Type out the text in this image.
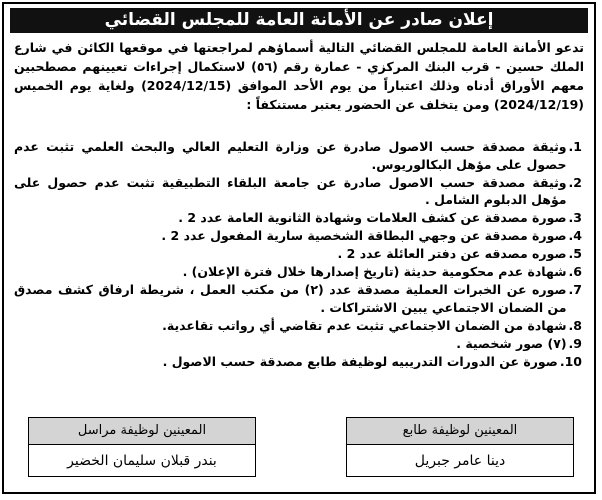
إعلان صادر عن الأمانة العامة للمجلس القضائي
تدعو الأمانة العامة للمجلس القضائي التالية أسماؤهم لمراجعتها في موقعها الكائن في شارع الملك حسين - قرب البنك المركزي - عمارة رقم (٥٦) لاستكمال إجراءات تعيينهم مصطحبين معهم الأوراق أدناه وذلك اعتباراً من يوم الأحد الموافق (2024/12/15) ولغاية يوم الخميس (2024/12/19) ومن يتخلف عن الحضور يعتبر مستنكفاً :
1.
وثيقة مصدقة حسب الاصول صادرة عن وزارة التعليم العالي والبحث العلمي تثبت عدم حصول على مؤهل البكالوريوس.
2.
وثيقة مصدقة حسب الاصول صادرة عن جامعة البلقاء التطبيقية تثبت عدم حصول على مؤهل الدبلوم الشامل .
3.
صورة مصدقة عن كشف العلامات وشهادة الثانوية العامة عدد 2 .
4.
صورة مصدقة عن وجهي البطاقة الشخصية سارية المفعول عدد 2 .
5.
صوره مصدقه عن دفتر العائلة عدد 2 .
6.
شهادة عدم محكومية حديثة (تاريخ إصدارها خلال فترة الإعلان) .
7.
صوره عن الخبرات العملية مصدقة عدد (٢) من مكتب العمل ، شريطة ارفاق كشف مصدق من الضمان الاجتماعي يبين الاشتراكات .
8.
شهادة من الضمان الاجتماعي تثبت عدم تقاضي أي رواتب تقاعدية.
9.
(٧) صور شخصية .
10.
صورة عن الدورات التدريبيه لوظيفة طابع مصدقة حسب الاصول .
المعينين لوظيفة طابع
دينا عامر جبريل
المعينين لوظيفة مراسل
بندر قبلان سليمان الخضير
